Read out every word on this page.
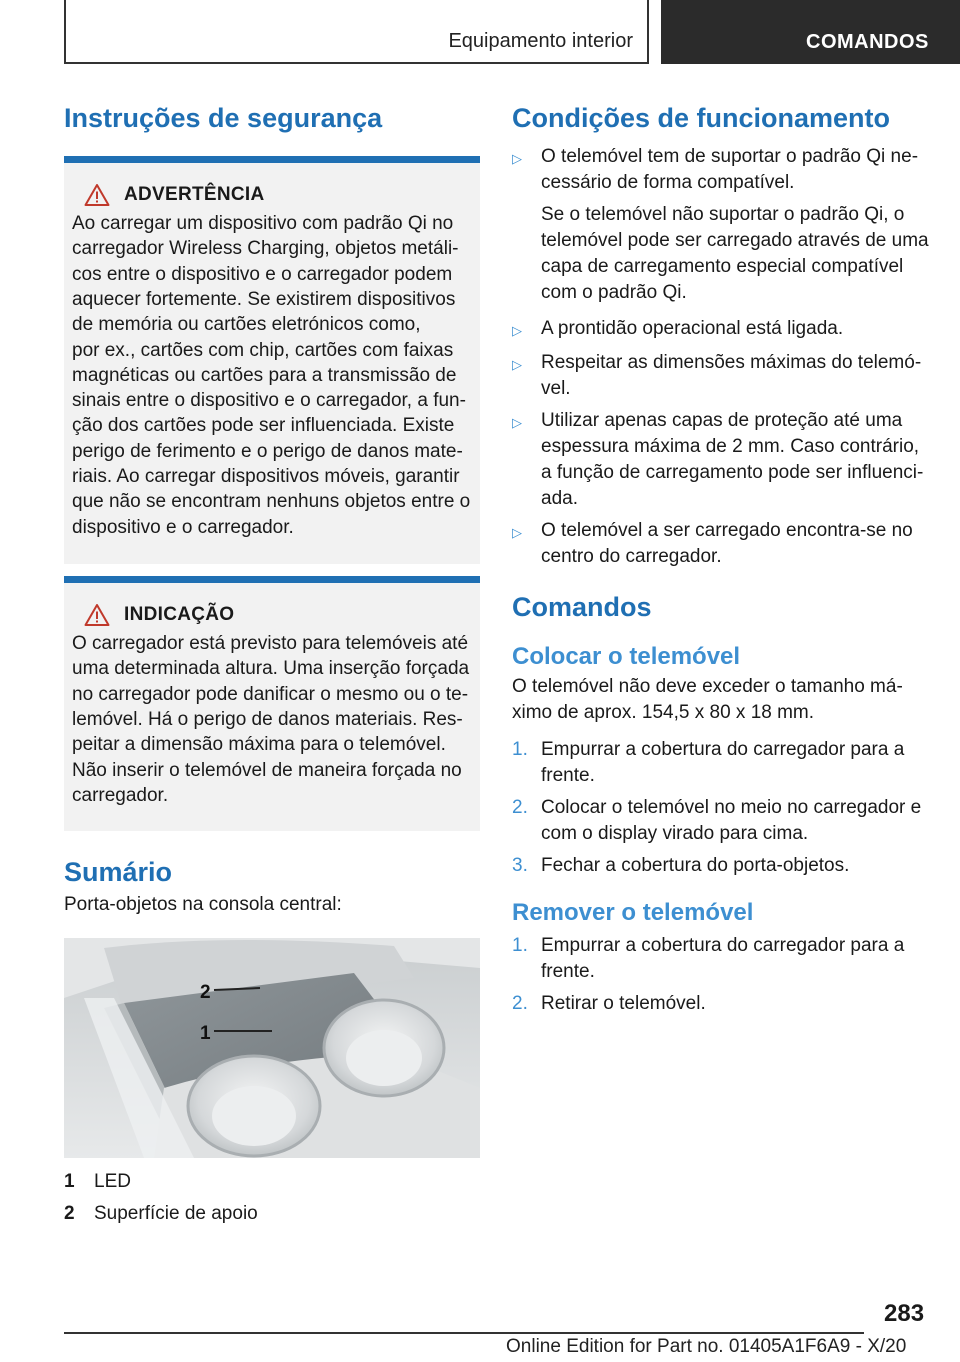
Equipamento interior	COMANDOS
Instruções de segurança
ADVERTÊNCIA
Ao carregar um dispositivo com padrão Qi no
carregador Wireless Charging, objetos metáli-
cos entre o dispositivo e o carregador podem
aquecer fortemente. Se existirem dispositivos
de memória ou cartões eletrónicos como,
por ex., cartões com chip, cartões com faixas
magnéticas ou cartões para a transmissão de
sinais entre o dispositivo e o carregador, a fun-
ção dos cartões pode ser influenciada. Existe
perigo de ferimento e o perigo de danos mate-
riais. Ao carregar dispositivos móveis, garantir
que não se encontram nenhuns objetos entre o
dispositivo e o carregador.
INDICAÇÃO
O carregador está previsto para telemóveis até
uma determinada altura. Uma inserção forçada
no carregador pode danificar o mesmo ou o te-
lemóvel. Há o perigo de danos materiais. Res-
peitar a dimensão máxima para o telemóvel.
Não inserir o telemóvel de maneira forçada no
carregador.
Sumário

Porta-objetos na consola central:

2
1
1	LED
2	Superfície de apoio
Condições de funcionamento
▷	O telemóvel tem de suportar o padrão Qi ne-
cessário de forma compatível.

Se o telemóvel não suportar o padrão Qi, o telemóvel pode ser carregado através de uma capa de carregamento especial compatível com o padrão Qi.

▷	A prontidão operacional está ligada.
▷	Respeitar as dimensões máximas do telemó-
vel.
▷	Utilizar apenas capas de proteção até uma espessura máxima de 2 mm. Caso contrário, a função de carregamento pode ser influenci-
ada.
▷	O telemóvel a ser carregado encontra-se no centro do carregador.
Comandos
Colocar o telemóvel

O telemóvel não deve exceder o tamanho má-
ximo de aprox. 154,5 x 80 x 18 mm.

1. Empurrar a cobertura do carregador para a frente.
2. Colocar o telemóvel no meio no carregador e com o display virado para cima.
3. Fechar a cobertura do porta-objetos.
Remover o telemóvel
1. Empurrar a cobertura do carregador para a frente.
2. Retirar o telemóvel.
283
Online Edition for Part no. 01405A1F6A9 - X/20
